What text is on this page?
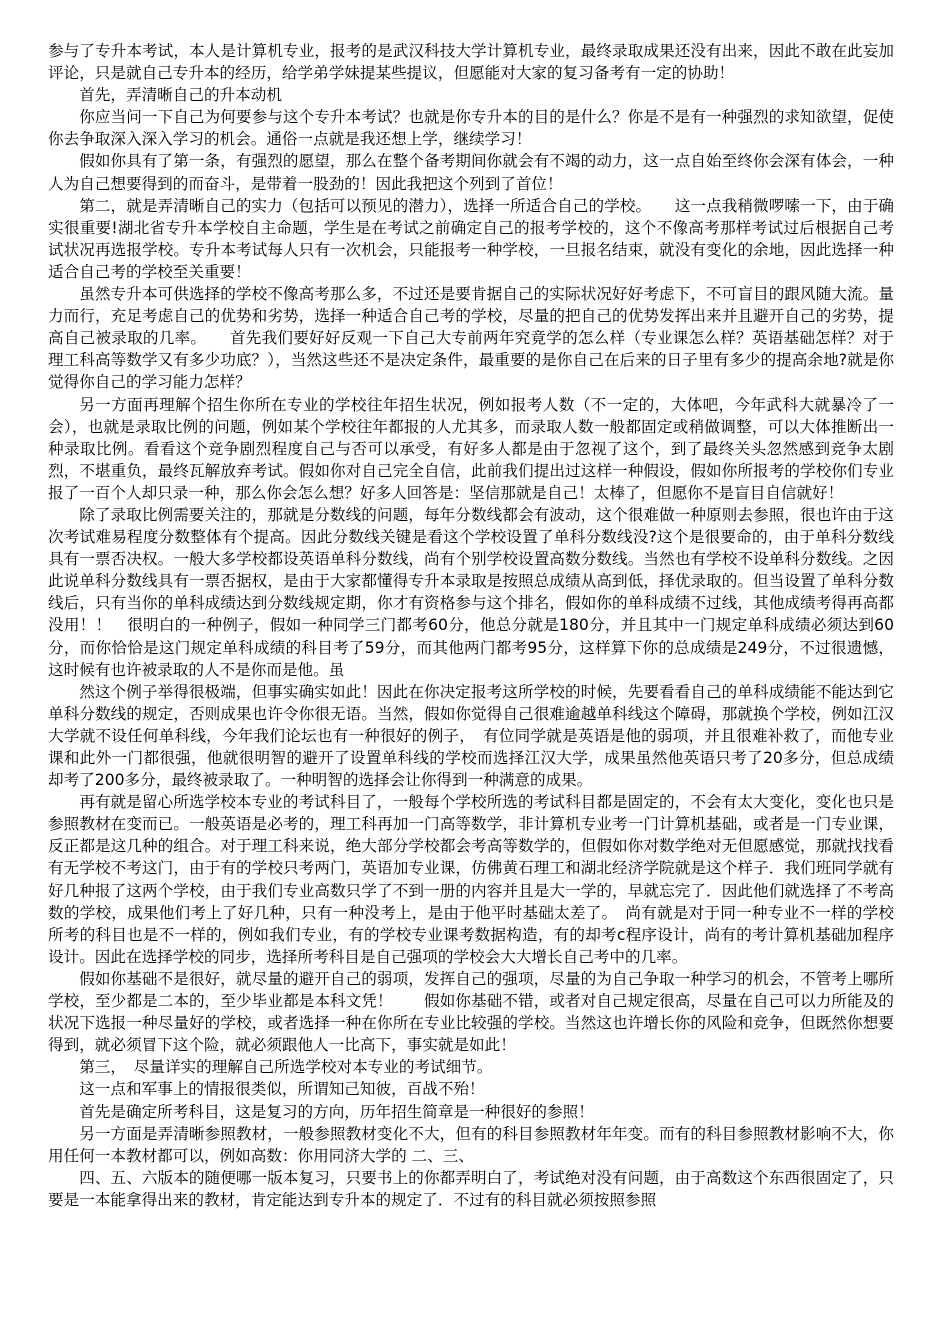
参与了专升本考试，本人是计算机专业，报考的是武汉科技大学计算机专业，最终录取成果还没有出来，因此不敢在此妄加评论，只是就自己专升本的经历，给学弟学妹提某些提议，但愿能对大家的复习备考有一定的协助！

首先，弄清晰自己的升本动机

你应当问一下自己为何要参与这个专升本考试？也就是你专升本的目的是什么？你是不是有一种强烈的求知欲望，促使你去争取深入深入学习的机会。通俗一点就是我还想上学，继续学习！

假如你具有了第一条，有强烈的愿望，那么在整个备考期间你就会有不竭的动力，这一点自始至终你会深有体会，一种人为自己想要得到的而奋斗，是带着一股劲的！因此我把这个列到了首位！

第二，就是弄清晰自己的实力（包括可以预见的潜力），选择一所适合自己的学校。　　这一点我稍微啰嗦一下，由于确实很重要!湖北省专升本学校自主命题，学生是在考试之前确定自己的报考学校的，这个不像高考那样考试过后根据自己考试状况再选报学校。专升本考试每人只有一次机会，只能报考一种学校，一旦报名结束，就没有变化的余地，因此选择一种适合自己考的学校至关重要！

虽然专升本可供选择的学校不像高考那么多，不过还是要肯据自己的实际状况好好考虑下，不可盲目的跟风随大流。量力而行，充足考虑自己的优势和劣势，选择一种适合自己考的学校，尽量的把自己的优势发挥出来并且避开自己的劣势，提高自己被录取的几率。　　首先我们要好好反观一下自己大专前两年究竟学的怎么样（专业课怎么样？英语基础怎样？对于理工科高等数学又有多少功底？），当然这些还不是决定条件，最重要的是你自己在后来的日子里有多少的提高余地?就是你觉得你自己的学习能力怎样？

另一方面再理解个招生你所在专业的学校往年招生状况，例如报考人数（不一定的，大体吧，今年武科大就暴冷了一会），也就是录取比例的问题，例如某个学校往年都报的人尤其多，而录取人数一般都固定或稍做调整，可以大体推断出一种录取比例。看看这个竞争剧烈程度自己与否可以承受，有好多人都是由于忽视了这个，到了最终关头忽然感到竞争太剧烈，不堪重负，最终瓦解放弃考试。假如你对自己完全自信，此前我们提出过这样一种假设，假如你所报考的学校你们专业报了一百个人却只录一种，那么你会怎么想？好多人回答是：坚信那就是自己！太棒了，但愿你不是盲目自信就好！

除了录取比例需要关注的，那就是分数线的问题，每年分数线都会有波动，这个很难做一种原则去参照，很也许由于这次考试难易程度分数整体有个提高。因此分数线关键是看这个学校设置了单科分数线没?这个是很要命的，由于单科分数线具有一票否决权。一般大多学校都设英语单科分数线，尚有个别学校设置高数分数线。当然也有学校不设单科分数线。之因此说单科分数线具有一票否据权，是由于大家都懂得专升本录取是按照总成绩从高到低，择优录取的。但当设置了单科分数线后，只有当你的单科成绩达到分数线规定期，你才有资格参与这个排名，假如你的单科成绩不过线，其他成绩考得再高都没用！！　很明白的一种例子，假如一种同学三门都考60分，他总分就是180分，并且其中一门规定单科成绩必须达到60分，而你恰恰是这门规定单科成绩的科目考了59分，而其他两门都考95分，这样算下你的总成绩是249分，不过很遗憾，这时候有也许被录取的人不是你而是他。虽

然这个例子举得很极端，但事实确实如此！因此在你决定报考这所学校的时候，先要看看自己的单科成绩能不能达到它单科分数线的规定，否则成果也许令你很无语。当然，假如你觉得自己很难逾越单科线这个障碍，那就换个学校，例如江汉大学就不设任何单科线，今年我们论坛也有一种很好的例子，　有位同学就是英语是他的弱项，并且很难补救了，而他专业课和此外一门都很强，他就很明智的避开了设置单科线的学校而选择江汉大学，成果虽然他英语只考了20多分，但总成绩却考了200多分，最终被录取了。一种明智的选择会让你得到一种满意的成果。

再有就是留心所选学校本专业的考试科目了，一般每个学校所选的考试科目都是固定的，不会有太大变化，变化也只是参照教材在变而已。一般英语是必考的，理工科再加一门高等数学，非计算机专业考一门计算机基础，或者是一门专业课，反正都是这几种的组合。对于理工科来说，绝大部分学校都会考高等数学的，但假如你对数学绝对无但愿感觉，那就找找看有无学校不考这门，由于有的学校只考两门，英语加专业课，仿佛黄石理工和湖北经济学院就是这个样子．我们班同学就有好几种报了这两个学校，由于我们专业高数只学了不到一册的内容并且是大一学的，早就忘完了．因此他们就选择了不考高数的学校，成果他们考上了好几种，只有一种没考上，是由于他平时基础太差了。　尚有就是对于同一种专业不一样的学校所考的科目也是不一样的，例如我们专业，有的学校专业课考数据构造，有的却考c程序设计，尚有的考计算机基础加程序设计。因此在选择学校的同步，选择所考科目是自己强项的学校会大大增长自己考中的几率。

假如你基础不是很好，就尽量的避开自己的弱项，发挥自己的强项，尽量的为自己争取一种学习的机会，不管考上哪所学校，至少都是二本的，至少毕业都是本科文凭！　　假如你基础不错，或者对自己规定很高，尽量在自己可以力所能及的状况下选报一种尽量好的学校，或者选择一种在你所在专业比较强的学校。当然这也许增长你的风险和竞争，但既然你想要得到，就必须冒下这个险，就必须跟他人一比高下，事实就是如此！

第三，　尽量详实的理解自己所选学校对本专业的考试细节。

这一点和军事上的情报很类似，所谓知己知彼，百战不殆！

首先是确定所考科目，这是复习的方向，历年招生简章是一种很好的参照！

另一方面是弄清晰参照教材，一般参照教材变化不大，但有的科目参照教材年年变。而有的科目参照教材影响不大，你用任何一本教材都可以，例如高数：你用同济大学的 二、三、

四、五、六版本的随便哪一版本复习，只要书上的你都弄明白了，考试绝对没有问题，由于高数这个东西很固定了，只要是一本能拿得出来的教材，肯定能达到专升本的规定了．不过有的科目就必须按照参照
